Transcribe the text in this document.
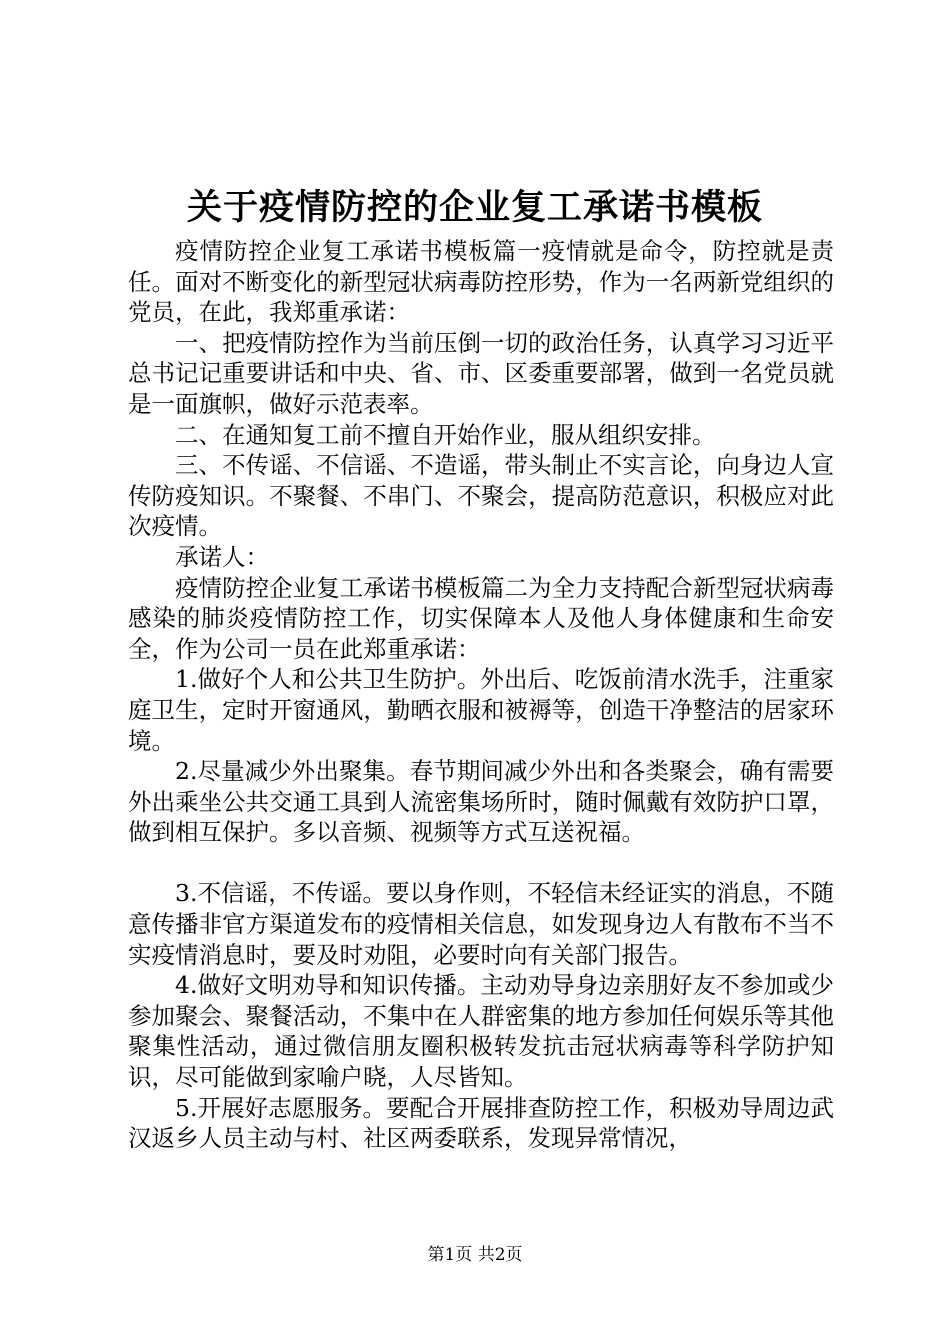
关于疫情防控的企业复工承诺书模板

疫情防控企业复工承诺书模板篇一疫情就是命令，防控就是责任。面对不断变化的新型冠状病毒防控形势，作为一名两新党组织的党员，在此，我郑重承诺：

一、把疫情防控作为当前压倒一切的政治任务，认真学习习近平总书记记重要讲话和中央、省、市、区委重要部署，做到一名党员就是一面旗帜，做好示范表率。

二、在通知复工前不擅自开始作业，服从组织安排。

三、不传谣、不信谣、不造谣，带头制止不实言论，向身边人宣传防疫知识。不聚餐、不串门、不聚会，提高防范意识，积极应对此次疫情。

承诺人：

疫情防控企业复工承诺书模板篇二为全力支持配合新型冠状病毒感染的肺炎疫情防控工作，切实保障本人及他人身体健康和生命安全，作为公司一员在此郑重承诺：

1.做好个人和公共卫生防护。外出后、吃饭前清水洗手，注重家庭卫生，定时开窗通风，勤晒衣服和被褥等，创造干净整洁的居家环境。

2.尽量减少外出聚集。春节期间减少外出和各类聚会，确有需要外出乘坐公共交通工具到人流密集场所时，随时佩戴有效防护口罩，做到相互保护。多以音频、视频等方式互送祝福。

3.不信谣，不传谣。要以身作则，不轻信未经证实的消息，不随意传播非官方渠道发布的疫情相关信息，如发现身边人有散布不当不实疫情消息时，要及时劝阻，必要时向有关部门报告。

4.做好文明劝导和知识传播。主动劝导身边亲朋好友不参加或少参加聚会、聚餐活动，不集中在人群密集的地方参加任何娱乐等其他聚集性活动，通过微信朋友圈积极转发抗击冠状病毒等科学防护知识，尽可能做到家喻户晓，人尽皆知。

5.开展好志愿服务。要配合开展排查防控工作，积极劝导周边武汉返乡人员主动与村、社区两委联系，发现异常情况，

第1页 共2页
